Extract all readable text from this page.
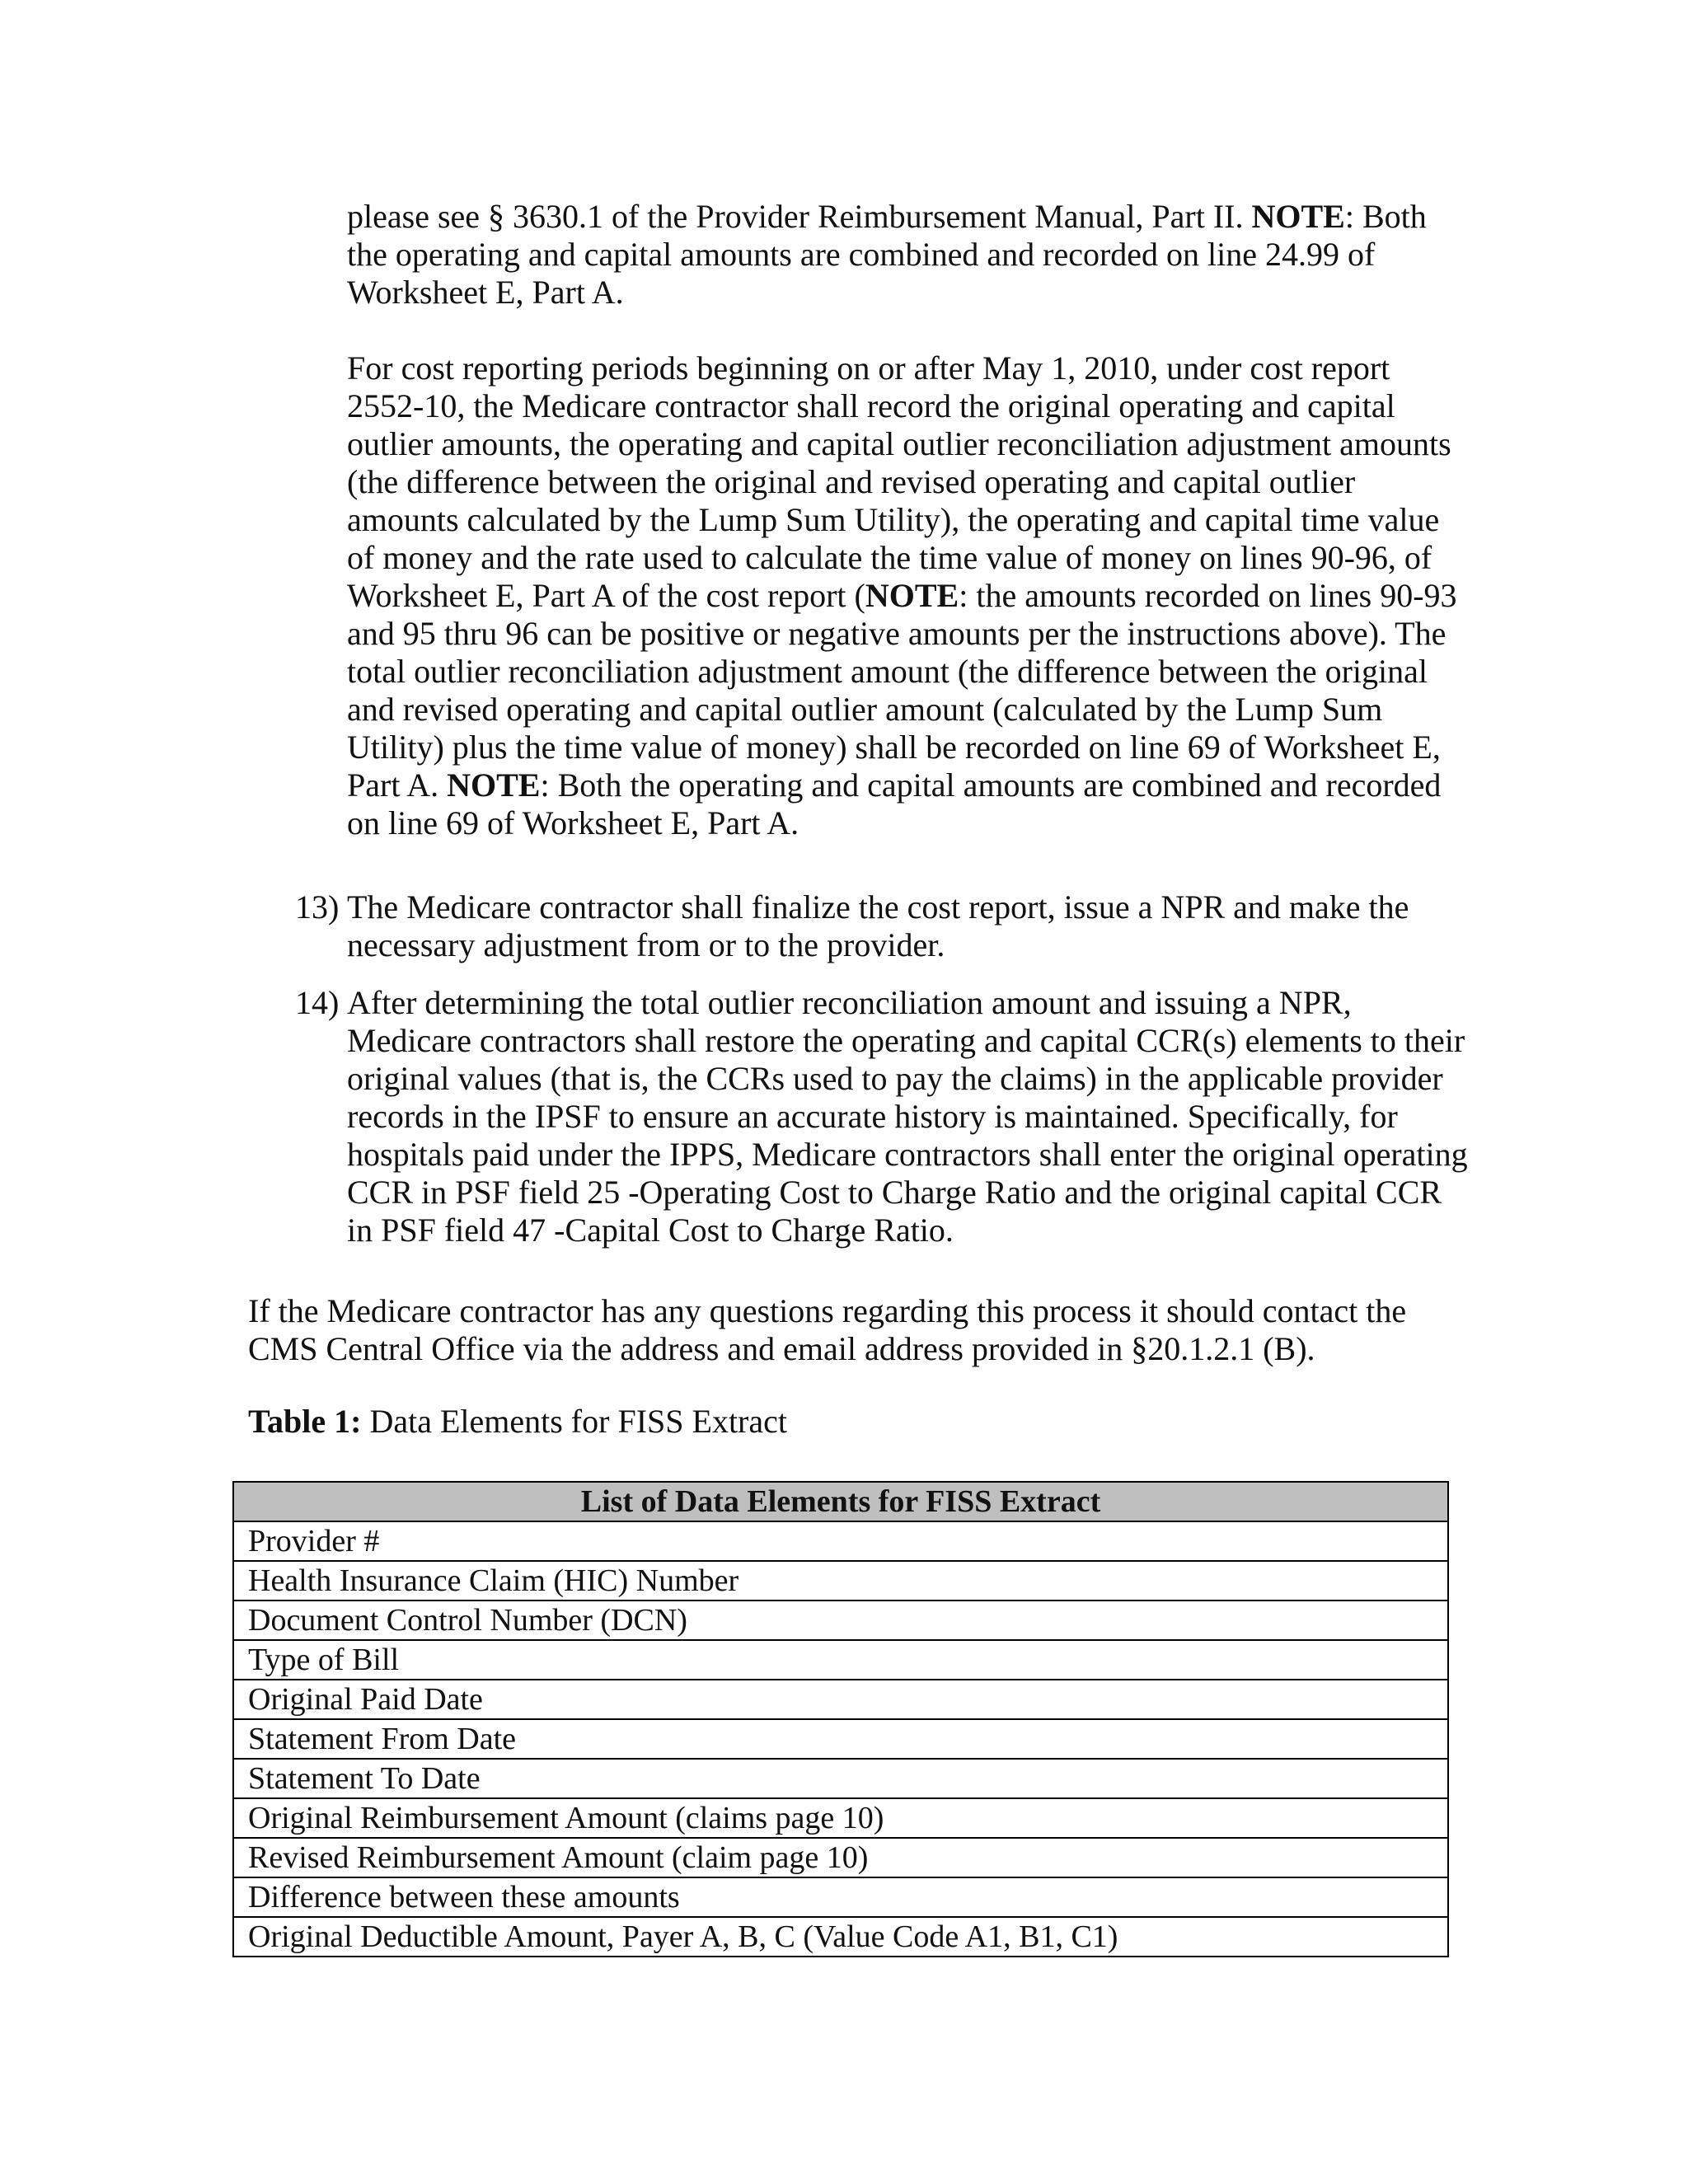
please see § 3630.1 of the Provider Reimbursement Manual, Part II. NOTE: Both the operating and capital amounts are combined and recorded on line 24.99 of Worksheet E, Part A.

For cost reporting periods beginning on or after May 1, 2010, under cost report 2552-10, the Medicare contractor shall record the original operating and capital outlier amounts, the operating and capital outlier reconciliation adjustment amounts (the difference between the original and revised operating and capital outlier amounts calculated by the Lump Sum Utility), the operating and capital time value of money and the rate used to calculate the time value of money on lines 90-96, of Worksheet E, Part A of the cost report (NOTE: the amounts recorded on lines 90-93 and 95 thru 96 can be positive or negative amounts per the instructions above). The total outlier reconciliation adjustment amount (the difference between the original and revised operating and capital outlier amount (calculated by the Lump Sum Utility) plus the time value of money) shall be recorded on line 69 of Worksheet E, Part A. NOTE: Both the operating and capital amounts are combined and recorded on line 69 of Worksheet E, Part A.

13) The Medicare contractor shall finalize the cost report, issue a NPR and make the necessary adjustment from or to the provider.
14) After determining the total outlier reconciliation amount and issuing a NPR, Medicare contractors shall restore the operating and capital CCR(s) elements to their original values (that is, the CCRs used to pay the claims) in the applicable provider records in the IPSF to ensure an accurate history is maintained. Specifically, for hospitals paid under the IPPS, Medicare contractors shall enter the original operating CCR in PSF field 25 -Operating Cost to Charge Ratio and the original capital CCR in PSF field 47 -Capital Cost to Charge Ratio.

If the Medicare contractor has any questions regarding this process it should contact the CMS Central Office via the address and email address provided in §20.1.2.1 (B).

Table 1: Data Elements for FISS Extract

List of Data Elements for FISS Extract
Provider #
Health Insurance Claim (HIC) Number
Document Control Number (DCN)
Type of Bill
Original Paid Date
Statement From Date
Statement To Date
Original Reimbursement Amount (claims page 10)
Revised Reimbursement Amount (claim page 10)
Difference between these amounts
Original Deductible Amount, Payer A, B, C (Value Code A1, B1, C1)
